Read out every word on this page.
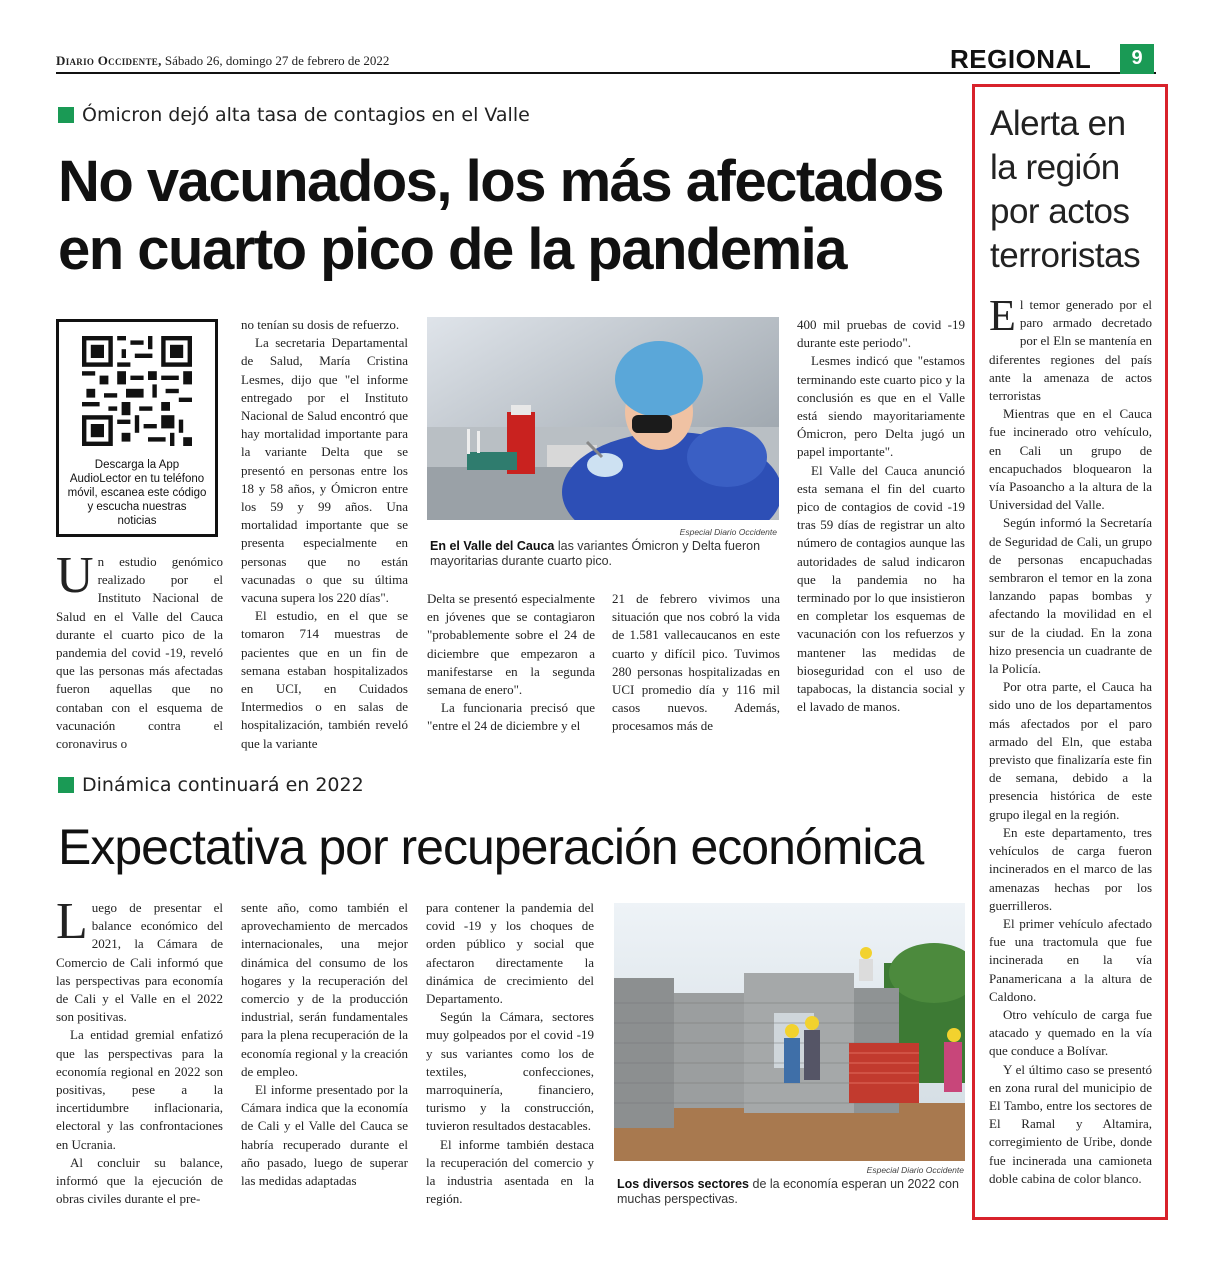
Diario Occidente, Sábado 26, domingo 27 de febrero de 2022	REGIONAL	9
Ómicron dejó alta tasa de contagios en el Valle
No vacunados, los más afectados
en cuarto pico de la pandemia
Descarga la App AudioLector en tu teléfono móvil, escanea este código y escucha nuestras noticias

Un estudio genómico realizado por el Instituto Nacional de Salud en el Valle del Cauca durante el cuarto pico de la pandemia del covid -19, reveló que las personas más afectadas fueron aquellas que no contaban con el esquema de vacunación contra el coronavirus o

no tenían su dosis de refuerzo.

La secretaria Departamental de Salud, María Cristina Lesmes, dijo que "el informe entregado por el Instituto Nacional de Salud encontró que hay mortalidad importante para la variante Delta que se presentó en personas entre los 18 y 58 años, y Ómicron entre los 59 y 99 años. Una mortalidad importante que se presenta especialmente en personas que no están vacunadas o que su última vacuna supera los 220 días".

El estudio, en el que se tomaron 714 muestras de pacientes que en un fin de semana estaban hospitalizados en UCI, en Cuidados Intermedios o en salas de hospitalización, también reveló que la variante

Especial Diario Occidente
En el Valle del Cauca las variantes Ómicron y Delta fueron mayoritarias durante cuarto pico.

Delta se presentó especialmente en jóvenes que se contagiaron "probablemente sobre el 24 de diciembre que empezaron a manifestarse en la segunda semana de enero".

La funcionaria precisó que "entre el 24 de diciembre y el

21 de febrero vivimos una situación que nos cobró la vida de 1.581 vallecaucanos en este cuarto y difícil pico. Tuvimos 280 personas hospitalizadas en UCI promedio día y 116 mil casos nuevos. Además, procesamos más de

400 mil pruebas de covid -19 durante este periodo".

Lesmes indicó que "estamos terminando este cuarto pico y la conclusión es que en el Valle está siendo mayoritariamente Ómicron, pero Delta jugó un papel importante".

El Valle del Cauca anunció esta semana el fin del cuarto pico de contagios de covid -19 tras 59 días de registrar un alto número de contagios aunque las autoridades de salud indicaron que la pandemia no ha terminado por lo que insistieron en completar los esquemas de vacunación con los refuerzos y mantener las medidas de bioseguridad con el uso de tapabocas, la distancia social y el lavado de manos.

Dinámica continuará en 2022
Expectativa por recuperación económica

Luego de presentar el balance económico del 2021, la Cámara de Comercio de Cali informó que las perspectivas para economía de Cali y el Valle en el 2022 son positivas.

La entidad gremial enfatizó que las perspectivas para la economía regional en 2022 son positivas, pese a la incertidumbre inflacionaria, electoral y las confrontaciones en Ucrania.

Al concluir su balance, informó que la ejecución de obras civiles durante el pre-

sente año, como también el aprovechamiento de mercados internacionales, una mejor dinámica del consumo de los hogares y la recuperación del comercio y de la producción industrial, serán fundamentales para la plena recuperación de la economía regional y la creación de empleo.

El informe presentado por la Cámara indica que la economía de Cali y el Valle del Cauca se habría recuperado durante el año pasado, luego de superar las medidas adaptadas

para contener la pandemia del covid -19 y los choques de orden público y social que afectaron directamente la dinámica de crecimiento del Departamento.

Según la Cámara, sectores muy golpeados por el covid -19 y sus variantes como los de textiles, confecciones, marroquinería, financiero, turismo y la construcción, tuvieron resultados destacables.

El informe también destaca la recuperación del comercio y la industria asentada en la región.

Especial Diario Occidente
Los diversos sectores de la economía esperan un 2022 con muchas perspectivas.
Alerta en la región por actos terroristas

El temor generado por el paro armado decretado por el Eln se mantenía en diferentes regiones del país ante la amenaza de actos terroristas

Mientras que en el Cauca fue incinerado otro vehículo, en Cali un grupo de encapuchados bloquearon la vía Pasoancho a la altura de la Universidad del Valle.

Según informó la Secretaría de Seguridad de Cali, un grupo de personas encapuchadas sembraron el temor en la zona lanzando papas bombas y afectando la movilidad en el sur de la ciudad. En la zona hizo presencia un cuadrante de la Policía.

Por otra parte, el Cauca ha sido uno de los departamentos más afectados por el paro armado del Eln, que estaba previsto que finalizaría este fin de semana, debido a la presencia histórica de este grupo ilegal en la región.

En este departamento, tres vehículos de carga fueron incinerados en el marco de las amenazas hechas por los guerrilleros.

El primer vehículo afectado fue una tractomula que fue incinerada en la vía Panamericana a la altura de Caldono.

Otro vehículo de carga fue atacado y quemado en la vía que conduce a Bolívar.

Y el último caso se presentó en zona rural del municipio de El Tambo, entre los sectores de El Ramal y Altamira, corregimiento de Uribe, donde fue incinerada una camioneta doble cabina de color blanco.
